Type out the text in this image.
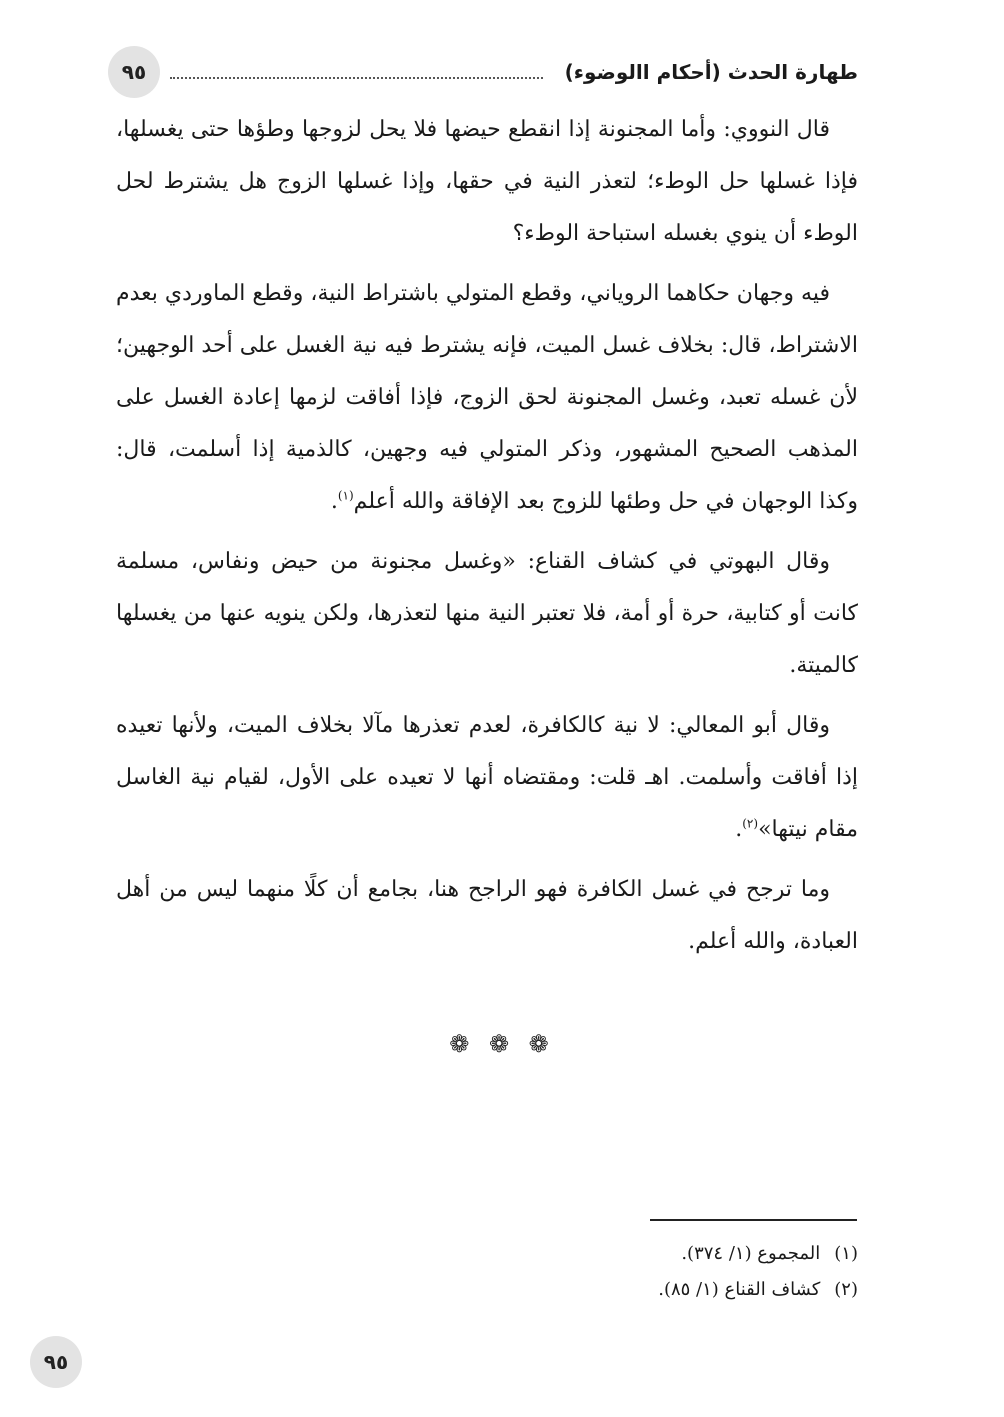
طهارة الحدث (أحكام االوضوء)
٩٥

قال النووي: وأما المجنونة إذا انقطع حيضها فلا يحل لزوجها وطؤها حتى يغسلها، فإذا غسلها حل الوطء؛ لتعذر النية في حقها، وإذا غسلها الزوج هل يشترط لحل الوطء أن ينوي بغسله استباحة الوطء؟

فيه وجهان حكاهما الروياني، وقطع المتولي باشتراط النية، وقطع الماوردي بعدم الاشتراط، قال: بخلاف غسل الميت، فإنه يشترط فيه نية الغسل على أحد الوجهين؛ لأن غسله تعبد، وغسل المجنونة لحق الزوج، فإذا أفاقت لزمها إعادة الغسل على المذهب الصحيح المشهور، وذكر المتولي فيه وجهين، كالذمية إذا أسلمت، قال: وكذا الوجهان في حل وطئها للزوج بعد الإفاقة والله أعلم$^{(١)}$.

وقال البهوتي في كشاف القناع: «وغسل مجنونة من حيض ونفاس، مسلمة كانت أو كتابية، حرة أو أمة، فلا تعتبر النية منها لتعذرها، ولكن ينويه عنها من يغسلها كالميتة.

وقال أبو المعالي: لا نية كالكافرة، لعدم تعذرها مآلا بخلاف الميت، ولأنها تعيده إذا أفاقت وأسلمت. اهـ قلت: ومقتضاه أنها لا تعيده على الأول، لقيام نية الغاسل مقام نيتها»$^{(٢)}$.

وما ترجح في غسل الكافرة فهو الراجح هنا، بجامع أن كلًا منهما ليس من أهل العبادة، والله أعلم.

❁ ❁ ❁
(١)المجموع (١/ ٣٧٤).
(٢)كشاف القناع (١/ ٨٥).
٩٥
